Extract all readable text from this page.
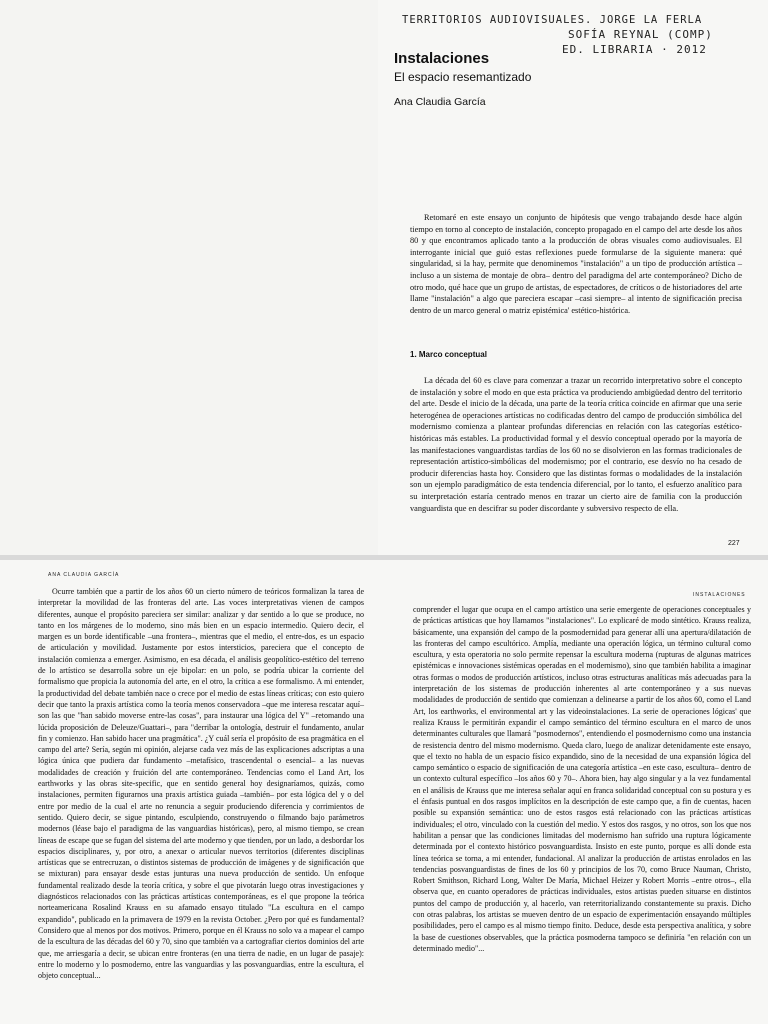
TERRITORIOS AUDIOVISUALES. JORGE LA FERLA
SOFÍA REYNAL (COMP)
ED. LIBRARIA · 2012
Instalaciones
El espacio resemantizado
Ana Claudia García
Retomaré en este ensayo un conjunto de hipótesis que vengo trabajando desde hace algún tiempo en torno al concepto de instalación, concepto propagado en el campo del arte desde los años 80 y que encontramos aplicado tanto a la producción de obras visuales como audiovisuales. El interrogante inicial que guió estas reflexiones puede formularse de la siguiente manera: qué singularidad, si la hay, permite que denominemos "instalación" a un tipo de producción artística –incluso a un sistema de montaje de obra– dentro del paradigma del arte contemporáneo? Dicho de otro modo, qué hace que un grupo de artistas, de espectadores, de críticos o de historiadores del arte llame "instalación" a algo que pareciera escapar –casi siempre– al intento de significación precisa dentro de un marco general o matriz epistémica' estético-histórica.
1. Marco conceptual
La década del 60 es clave para comenzar a trazar un recorrido interpretativo sobre el concepto de instalación y sobre el modo en que esta práctica va produciendo ambigüedad dentro del territorio del arte. Desde el inicio de la década, una parte de la teoría crítica coincide en afirmar que una serie heterogénea de operaciones artísticas no codificadas dentro del campo de producción simbólica del modernismo comienza a plantear profundas diferencias en relación con las categorías estético-históricas más estables. La productividad formal y el desvío conceptual operado por la mayoría de las manifestaciones vanguardistas tardías de los 60 no se disolvieron en las formas tradicionales de representación artístico-simbólicas del modernismo; por el contrario, ese desvío no ha cesado de producir diferencias hasta hoy. Considero que las distintas formas o modalidades de la instalación son un ejemplo paradigmático de esta tendencia diferencial, por lo tanto, el esfuerzo analítico para su interpretación estaría centrado menos en trazar un cierto aire de familia con la producción vanguardista que en descifrar su poder discordante y subversivo respecto de ella.
227
ANA CLAUDIA GARCÍA
Ocurre también que a partir de los años 60 un cierto número de teóricos formalizan la tarea de interpretar la movilidad de las fronteras del arte. Las voces interpretativas vienen de campos diferentes, aunque el propósito pareciera ser similar: analizar y dar sentido a lo que se produce, no tanto en los márgenes de lo moderno, sino más bien en un espacio intermedio. Quiero decir, el margen es un borde identificable –una frontera–, mientras que el medio, el entre-dos, es un espacio de articulación y movilidad. Justamente por estos intersticios, pareciera que el concepto de instalación comienza a emerger. Asimismo, en esa década, el análisis geopolítico-estético del terreno de lo artístico se desarrolla sobre un eje bipolar: en un polo, se podría ubicar la corriente del formalismo que propicia la autonomía del arte, en el otro, la crítica a ese formalismo. A mi entender, la productividad del debate también nace o crece por el medio de estas líneas críticas; con esto quiero decir que tanto la praxis artística como la teoría menos conservadora –que me interesa rescatar aquí– son las que "han sabido moverse entre-las cosas", para instaurar una lógica del Y" –retomando una lúcida proposición de Deleuze/Guattari–, para "derribar la ontología, destruir el fundamento, anular fin y comienzo. Han sabido hacer una pragmática". ¿Y cuál sería el propósito de esa pragmática en el campo del arte? Sería, según mi opinión, alejarse cada vez más de las explicaciones adscriptas a una lógica única que pudiera dar fundamento –metafísico, trascendental o esencial– a las nuevas modalidades de creación y fruición del arte contemporáneo. Tendencias como el Land Art, los earthworks y las obras site-specific, que en sentido general hoy designaríamos, quizás, como instalaciones, permiten figurarnos una praxis artística guiada –también– por esta lógica del y o del entre por medio de la cual el arte no renuncia a seguir produciendo diferencia y corrimientos de sentido. Quiero decir, se sigue pintando, esculpiendo, construyendo o filmando bajo parámetros modernos (léase bajo el paradigma de las vanguardias históricas), pero, al mismo tiempo, se crean líneas de escape que se fugan del sistema del arte moderno y que tienden, por un lado, a desbordar los espacios disciplinares, y, por otro, a anexar o articular nuevos territorios (diferentes disciplinas artísticas que se entrecruzan, o distintos sistemas de producción de imágenes y de significación que se mixturan) para ensayar desde estas junturas una nueva producción de sentido. Un enfoque fundamental realizado desde la teoría crítica, y sobre el que pivotarán luego otras investigaciones y diagnósticos relacionados con las prácticas artísticas contemporáneas, es el que propone la teórica norteamericana Rosalind Krauss en su afamado ensayo titulado "La escultura en el campo expandido", publicado en la primavera de 1979 en la revista October. ¿Pero por qué es fundamental? Considero que al menos por dos motivos. Primero, porque en él Krauss no solo va a mapear el campo de la escultura de las décadas del 60 y 70, sino que también va a cartografiar ciertos dominios del arte que, me arriesgaría a decir, se ubican entre fronteras (en una tierra de nadie, en un lugar de pasaje): entre lo moderno y lo posmoderno, entre las vanguardias y las posvanguardias, entre la escultura, el objeto conceptual...
INSTALACIONES
comprender el lugar que ocupa en el campo artístico una serie emergente de operaciones conceptuales y de prácticas artísticas que hoy llamamos "instalaciones". Lo explicaré de modo sintético. Krauss realiza, básicamente, una expansión del campo de la posmodernidad para generar allí una apertura/dilatación de las fronteras del campo escultórico. Amplía, mediante una operación lógica, un término cultural como escultura, y esta operatoria no solo permite repensar la escultura moderna (rupturas de algunas matrices epistémicas e innovaciones sistémicas operadas en el modernismo), sino que también habilita a imaginar otras formas o modos de producción artísticos, incluso otras estructuras analíticas más adecuadas para la interpretación de los sistemas de producción inherentes al arte contemporáneo y a sus nuevas modalidades de producción de sentido que comienzan a delinearse a partir de los años 60, como el Land Art, los earthworks, el environmental art y las videoinstalaciones. La serie de operaciones lógicas' que realiza Krauss le permitirán expandir el campo semántico del término escultura en el marco de unos determinantes culturales que llamará "posmodernos", entendiendo el posmodernismo como una instancia de resistencia dentro del mismo modernismo. Queda claro, luego de analizar detenidamente este ensayo, que el texto no habla de un espacio físico expandido, sino de la necesidad de una expansión lógica del campo semántico o espacio de significación de una categoría artística –en este caso, escultura– dentro de un contexto cultural específico –los años 60 y 70–. Ahora bien, hay algo singular y a la vez fundamental en el análisis de Krauss que me interesa señalar aquí en franca solidaridad conceptual con su postura y es el énfasis puntual en dos rasgos implícitos en la descripción de este campo que, a fin de cuentas, hacen posible su expansión semántica: uno de estos rasgos está relacionado con las prácticas artísticas individuales; el otro, vinculado con la cuestión del medio. Y estos dos rasgos, y no otros, son los que nos habilitan a pensar que las condiciones limitadas del modernismo han sufrido una ruptura lógicamente determinada por el contexto histórico posvanguardista. Insisto en este punto, porque es allí donde esta línea teórica se torna, a mi entender, fundacional. Al analizar la producción de artistas enrolados en las tendencias posvanguardistas de fines de los 60 y principios de los 70, como Bruce Nauman, Christo, Robert Smithson, Richard Long, Walter De María, Michael Heizer y Robert Morris –entre otros–, ella observa que, en cuanto operadores de prácticas individuales, estos artistas pueden situarse en distintos puntos del campo de producción y, al hacerlo, van reterritorializando constantemente su praxis. Dicho con otras palabras, los artistas se mueven dentro de un espacio de experimentación ensayando múltiples posibilidades, pero el campo es al mismo tiempo finito. Deduce, desde esta perspectiva analítica, y sobre la base de cuestiones observables, que la práctica posmoderna tampoco se definiría "en relación con un determinado medio"...
